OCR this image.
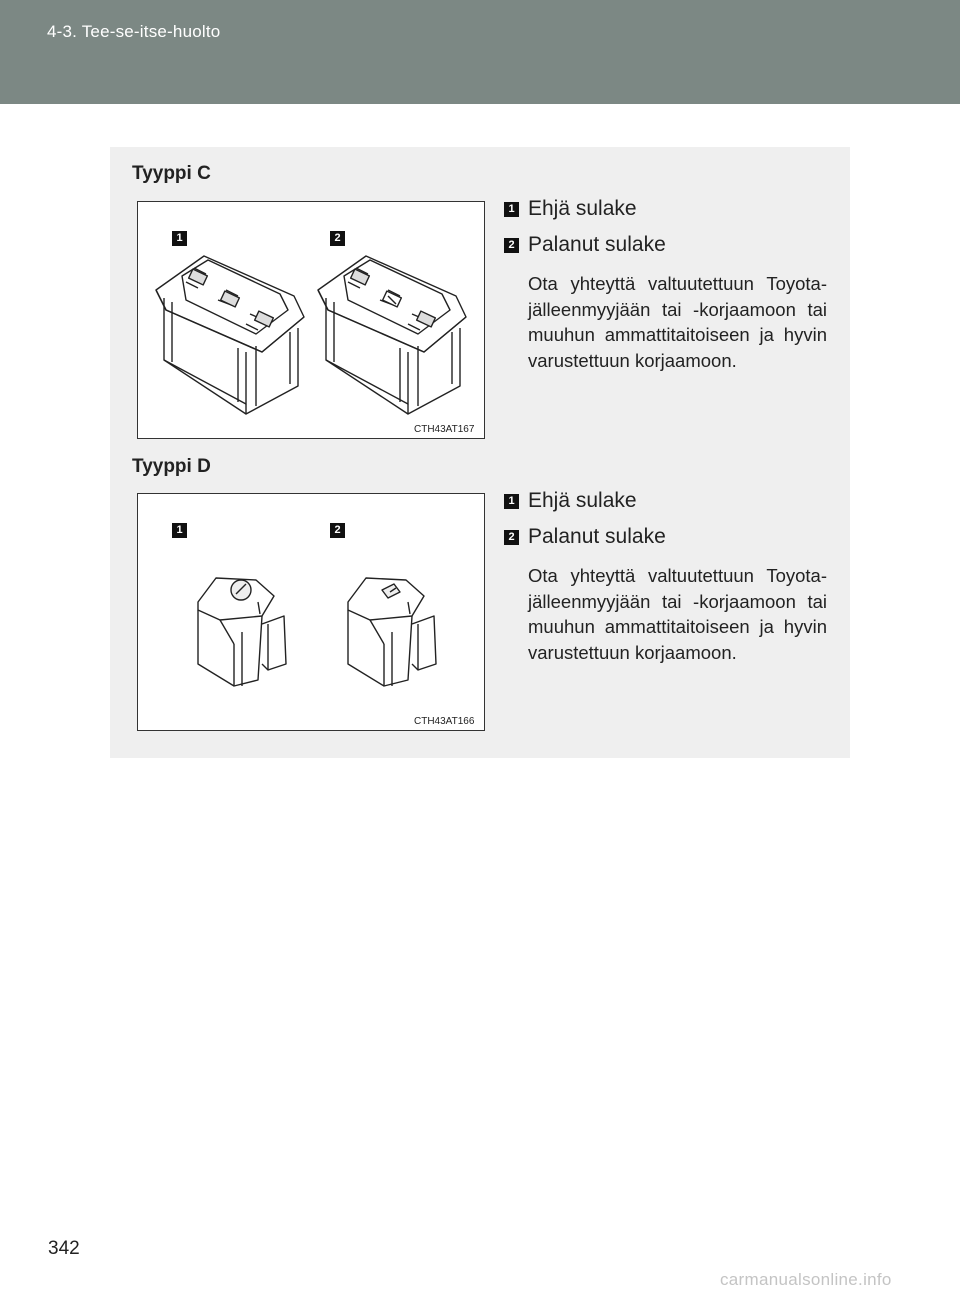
4-3. Tee-se-itse-huolto
Tyyppi C
1	2
CTH43AT167
1 Ehjä sulake
2 Palanut sulake
Ota yhteyttä valtuutettuun Toyota-jälleenmyyjään tai -korjaamoon tai muuhun ammattitaitoiseen ja hyvin varustettuun korjaamoon.
Tyyppi D
1	2
CTH43AT166
1 Ehjä sulake
2 Palanut sulake
Ota yhteyttä valtuutettuun Toyota-jälleenmyyjään tai -korjaamoon tai muuhun ammattitaitoiseen ja hyvin varustettuun korjaamoon.
342
carmanualsonline.info
